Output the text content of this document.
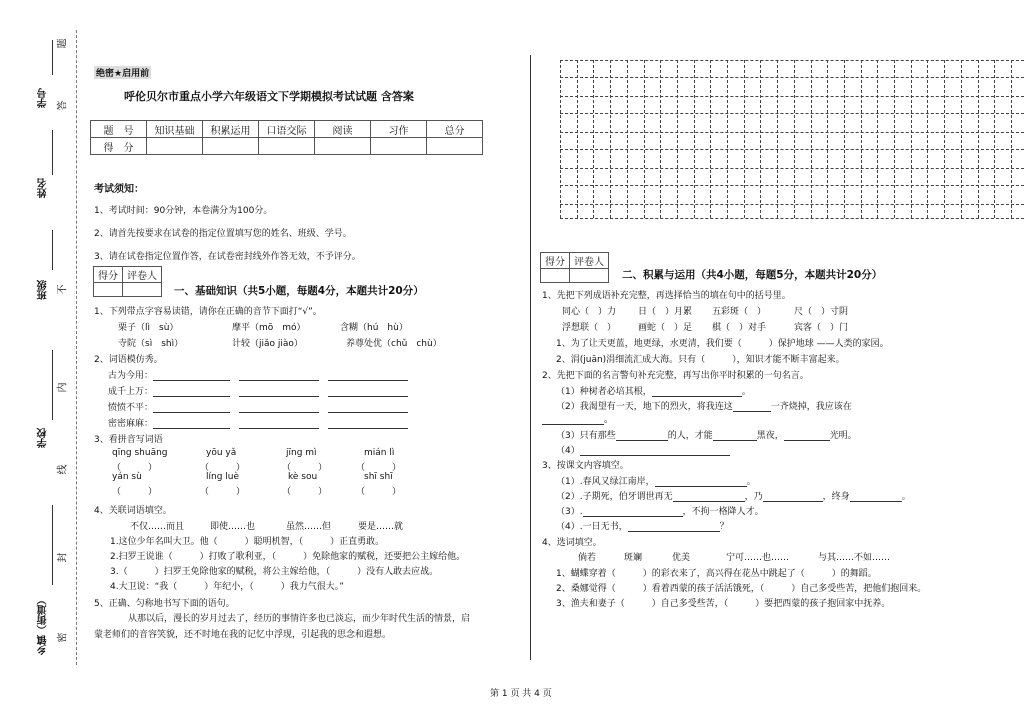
学号
姓名
班级
学校
乡镇（街道）
题
答
不
内
线
封
密
绝密★启用前
呼伦贝尔市重点小学六年级语文下学期模拟考试试题 含答案
题　号	知识基础	积累运用	口语交际	阅读	习作	总分
得　分						
考试须知：
1、考试时间：90分钟，本卷满分为100分。
2、请首先按要求在试卷的指定位置填写您的姓名、班级、学号。
3、请在试卷指定位置作答，在试卷密封线外作答无效，不予评分。
得分	评卷人

一、基础知识（共5小题，每题4分，本题共计20分）
1、下列带点字容易读错，请你在正确的音节下面打“√”。
栗子（lì　sù）	摩平（mō　mó）	含糊（hú　hù）
寺院（sì　shì）	计较（jiǎo jiào）	养尊处优（chǔ　chù）
2、词语模仿秀。
古为今用：
成千上万：
愤愤不平：
密密麻麻：
3、看拼音写词语
qīng shuāng	yōu yǎ	jīng mì	mián lì
（　　　）	（　　　）	（　　　）	（　　　）
yán sù	líng luè	kè sou	shī shī
（　　　）	（　　　）	（　　　）	（　　　）
4、关联词语填空。
不仅……而且	即使……也	虽然……但	要是……就
1.这位少年名叫大卫。他（　　　）聪明机智，（　　　）正直勇敢。
2.扫罗王说谁（　　　）打败了歌利亚，（　　　）免除他家的赋税，还要把公主嫁给他。
3.（　　　）扫罗王免除他家的赋税，将公主嫁给他，（　　　）没有人敢去应战。
4.大卫说：“我（　　　）年纪小，（　　　）我力气很大。”
5、正确、匀称地书写下面的语句。
从那以后，漫长的岁月过去了，经历的事情许多也已淡忘，而少年时代生活的情景，启
蒙老师们的音容笑貌，还不时地在我的记忆中浮现，引起我的思念和遐想。
得分	评卷人

二、积累与运用（共4小题，每题5分，本题共计20分）
1、先把下列成语补充完整，再选择恰当的填在句中的括号里。
同心（　）力 日（　）月累 五彩斑（　）	尺（　）寸阴
浮想联（　） 画蛇（　）足 棋（　）对手	宾客（　）门
1、为了让天更蓝，地更绿，水更清，我们要（　　　）保护地球 ——人类的家园。
2、涓(juān)涓细流汇成大海。只有（　　　），知识才能不断丰富起来。
2、先把下面的名言警句补充完整，再写出你平时积累的一句名言。
（1）种树者必培其根，	。
（2）我渴望有一天，地下的烈火，将我连这	一齐烧掉，我应该在
。
（3）只有那些	的人，才能	黑夜，	光明。
（4）
3、按课文内容填空。
（1）.春风又绿江南岸，	。
（2）.子期死，伯牙谓世再无	，乃	，终身	。
（3）.	，不拘一格降人才。
（4）.一日无书，	？
4、选词填空。
倘若	斑斓	优美	宁可……也……	与其……不如……
1、蝴蝶穿着（　　　）的彩衣来了，高兴得在花丛中跳起了（　　　）的舞蹈。
2、桑娜觉得（　　　）看着西蒙的孩子活活饿死，（　　　）自己多受些苦，把他们抱回来。
3、渔夫和妻子（　　　）自己多受些苦，（　　　）要把西蒙的孩子抱回家中抚养。
第 1 页 共 4 页
